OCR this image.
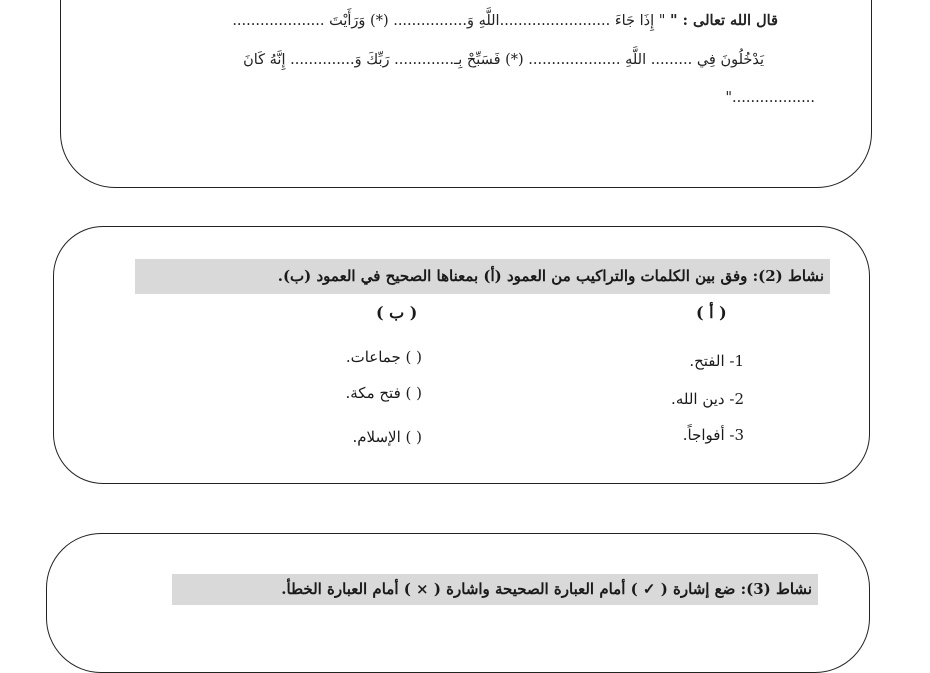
قال الله تعالى : " " إِذَا جَاءَ ........................اللَّهِ وَ................ (*) وَرَأَيْتَ ....................
يَدْخُلُونَ فِي ......... اللَّهِ .................... (*) فَسَبِّحْ بِـ............. رَبِّكَ وَ.............. إِنَّهُ كَانَ
.................."
نشاط (2): وفق بين الكلمات والتراكيب من العمود (أ) بمعناها الصحيح في العمود (ب).
( أ )
( ب )
1- الفتح.
2- دين الله.
3- أفواجاً.
( ) جماعات.
( ) فتح مكة.
( ) الإسلام.
نشاط (3): ضع إشارة ( ✓ ) أمام العبارة الصحيحة واشارة ( × ) أمام العبارة الخطأ.
